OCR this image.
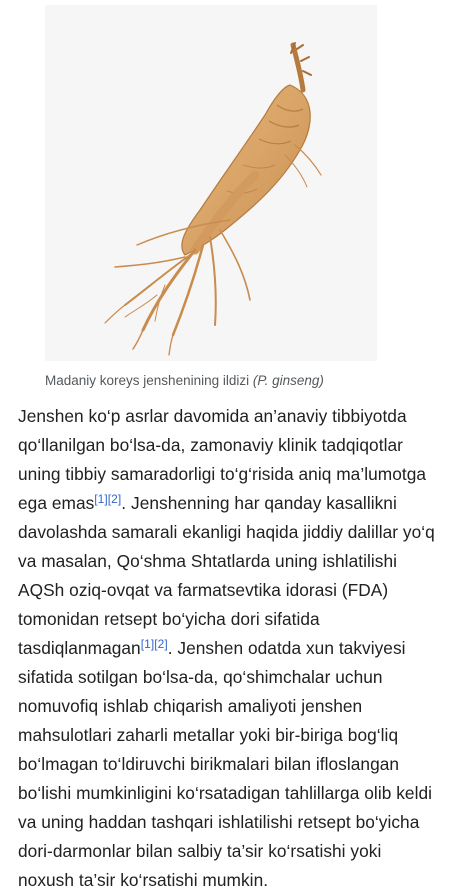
Madaniy koreys jenshenining ildizi (P. ginseng)

Jenshen ko‘p asrlar davomida an’anaviy tibbiyotda qo‘llanilgan bo‘lsa-da, zamonaviy klinik tadqiqotlar uning tibbiy samaradorligi to‘g‘risida aniq ma’lumotga ega emas[1][2]. Jenshenning har qanday kasallikni davolashda samarali ekanligi haqida jiddiy dalillar yo‘q va masalan, Qo‘shma Shtatlarda uning ishlatilishi AQSh oziq-ovqat va farmatsevtika idorasi (FDA) tomonidan retsept bo‘yicha dori sifatida tasdiqlanmagan[1][2]. Jenshen odatda xun takviyesi sifatida sotilgan bo‘lsa-da, qo‘shimchalar uchun nomuvofiq ishlab chiqarish amaliyoti jenshen mahsulotlari zaharli metallar yoki bir-biriga bog‘liq bo‘lmagan to‘ldiruvchi birikmalari bilan ifloslangan bo‘lishi mumkinligini ko‘rsatadigan tahlillarga olib keldi va uning haddan tashqari ishlatilishi retsept bo‘yicha dori-darmonlar bilan salbiy ta’sir ko‘rsatishi yoki noxush ta’sir ko‘rsatishi mumkin.
